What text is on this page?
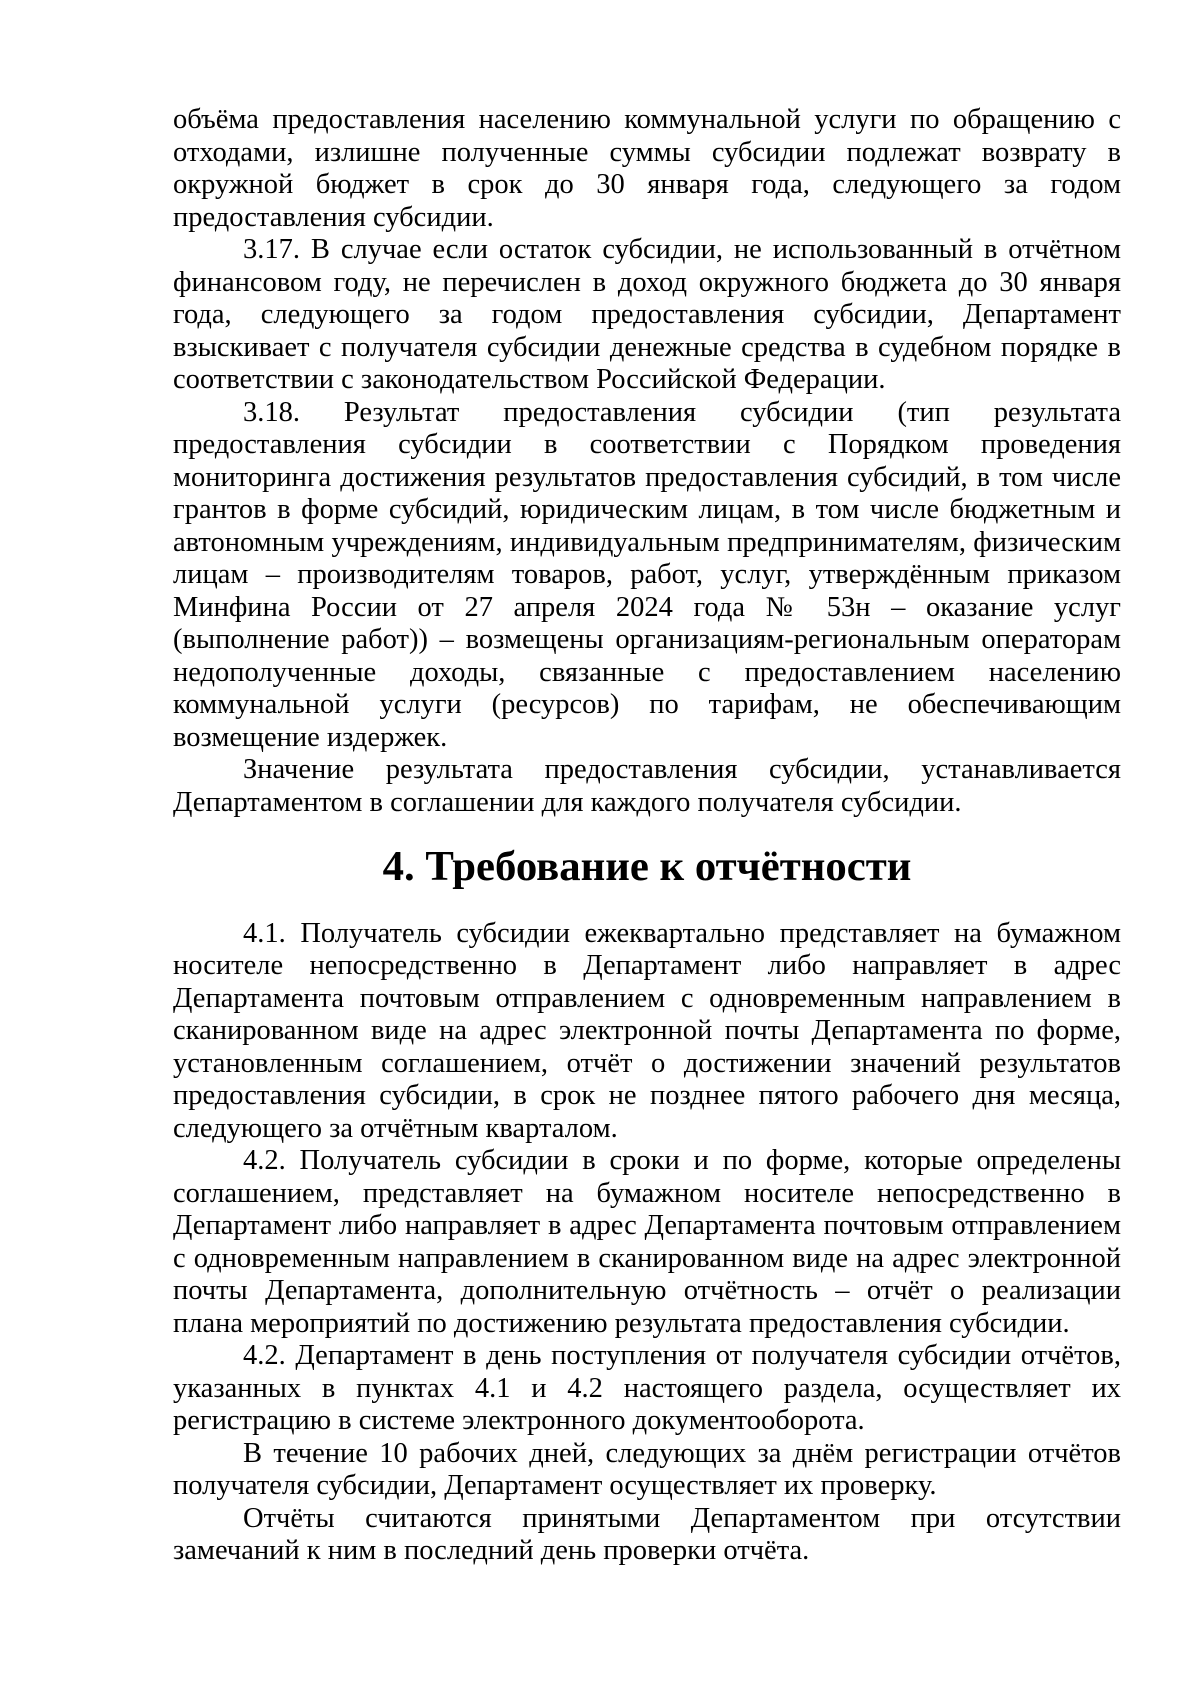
объёма предоставления населению коммунальной услуги по обращению с отходами, излишне полученные суммы субсидии подлежат возврату в окружной бюджет в срок до 30 января года, следующего за годом предоставления субсидии.

3.17. В случае если остаток субсидии, не использованный в отчётном финансовом году, не перечислен в доход окружного бюджета до 30 января года, следующего за годом предоставления субсидии, Департамент взыскивает с получателя субсидии денежные средства в судебном порядке в соответствии с законодательством Российской Федерации.

3.18. Результат предоставления субсидии (тип результата предоставления субсидии в соответствии с Порядком проведения мониторинга достижения результатов предоставления субсидий, в том числе грантов в форме субсидий, юридическим лицам, в том числе бюджетным и автономным учреждениям, индивидуальным предпринимателям, физическим лицам – производителям товаров, работ, услуг, утверждённым приказом Минфина России от 27 апреля 2024 года № 53н – оказание услуг (выполнение работ)) – возмещены организациям-региональным операторам недополученные доходы, связанные с предоставлением населению коммунальной услуги (ресурсов) по тарифам, не обеспечивающим возмещение издержек.

Значение результата предоставления субсидии, устанавливается Департаментом в соглашении для каждого получателя субсидии.

4. Требование к отчётности

4.1. Получатель субсидии ежеквартально представляет на бумажном носителе непосредственно в Департамент либо направляет в адрес Департамента почтовым отправлением с одновременным направлением в сканированном виде на адрес электронной почты Департамента по форме, установленным соглашением, отчёт о достижении значений результатов предоставления субсидии, в срок не позднее пятого рабочего дня месяца, следующего за отчётным кварталом.

4.2. Получатель субсидии в сроки и по форме, которые определены соглашением, представляет на бумажном носителе непосредственно в Департамент либо направляет в адрес Департамента почтовым отправлением с одновременным направлением в сканированном виде на адрес электронной почты Департамента, дополнительную отчётность – отчёт о реализации плана мероприятий по достижению результата предоставления субсидии.

4.2. Департамент в день поступления от получателя субсидии отчётов, указанных в пунктах 4.1 и 4.2 настоящего раздела, осуществляет их регистрацию в системе электронного документооборота.

В течение 10 рабочих дней, следующих за днём регистрации отчётов получателя субсидии, Департамент осуществляет их проверку.

Отчёты считаются принятыми Департаментом при отсутствии замечаний к ним в последний день проверки отчёта.
